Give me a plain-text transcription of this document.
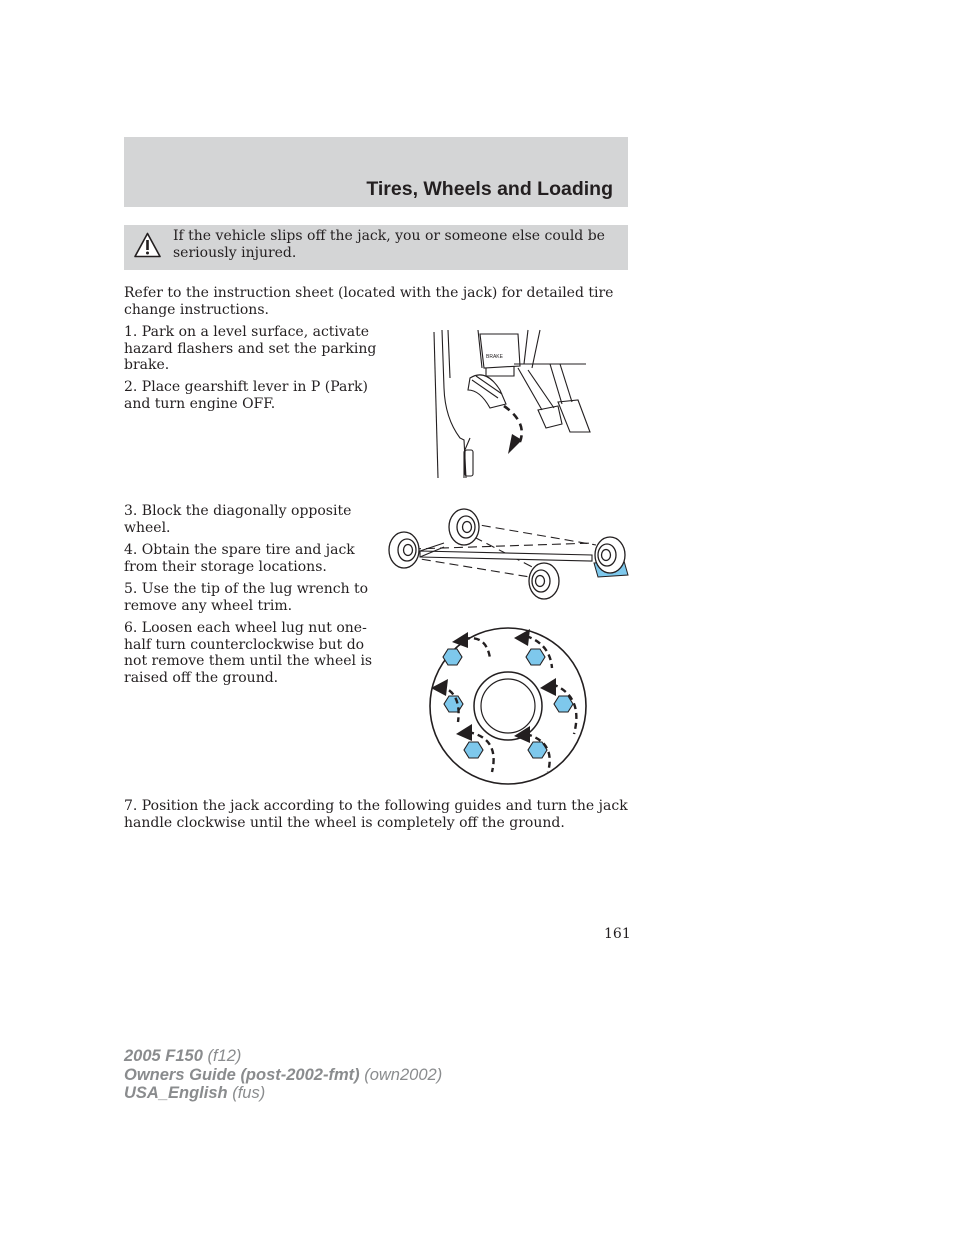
Tires, Wheels and Loading
If the vehicle slips off the jack, you or someone else could be seriously injured.

Refer to the instruction sheet (located with the jack) for detailed tire change instructions.

1. Park on a level surface, activate hazard flashers and set the parking brake.

2. Place gearshift lever in P (Park) and turn engine OFF.

3. Block the diagonally opposite wheel.

4. Obtain the spare tire and jack from their storage locations.

5. Use the tip of the lug wrench to remove any wheel trim.

6. Loosen each wheel lug nut one-half turn counterclockwise but do not remove them until the wheel is raised off the ground.

7. Position the jack according to the following guides and turn the jack handle clockwise until the wheel is completely off the ground.

BRAKE
161
2005 F150 (f12)
Owners Guide (post-2002-fmt) (own2002)
USA_English (fus)
